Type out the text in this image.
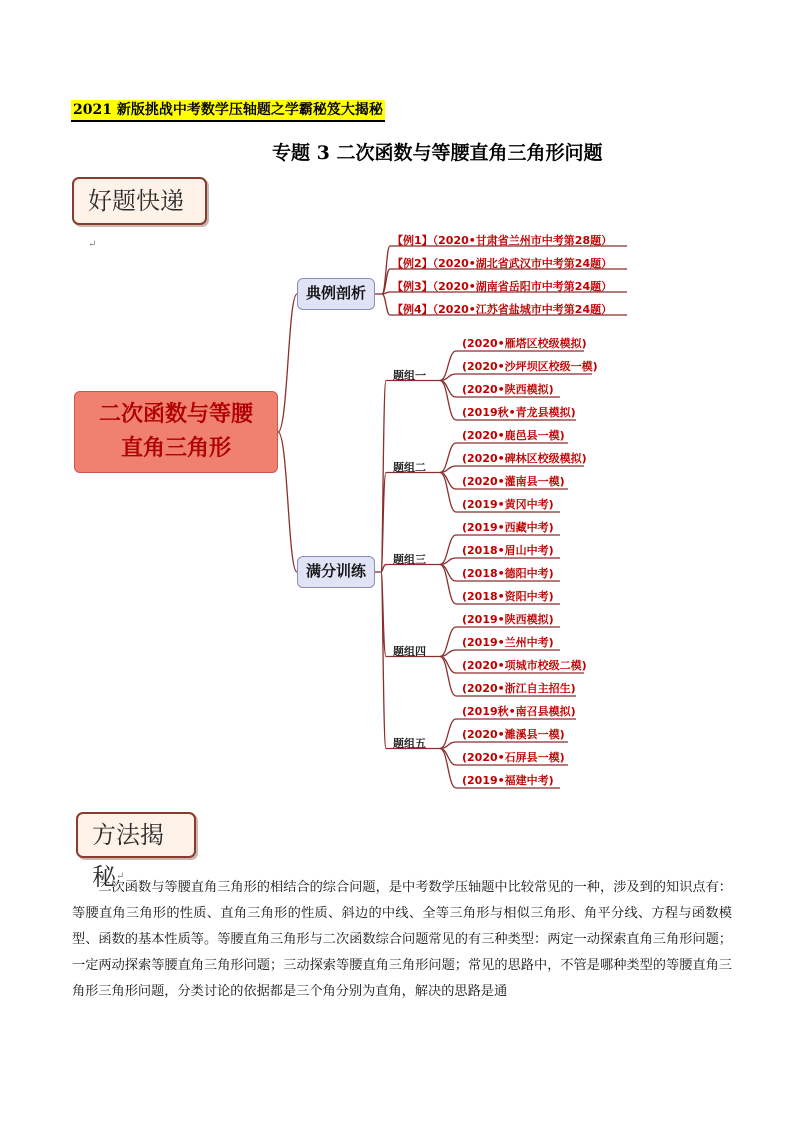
2021 新版挑战中考数学压轴题之学霸秘笈大揭秘
专题 3 二次函数与等腰直角三角形问题
好题快递↵
二次函数与等腰
直角三角形
典例剖析
满分训练
【例1】（2020•甘肃省兰州市中考第28题）
【例2】（2020•湖北省武汉市中考第24题）
【例3】（2020•湖南省岳阳市中考第24题）
【例4】（2020•江苏省盐城市中考第24题）
题组一
(2020•雁塔区校级模拟)
(2020•沙坪坝区校级一模)
(2020•陕西模拟)
(2019秋•青龙县模拟)
题组二
(2020•鹿邑县一模)
(2020•碑林区校级模拟)
(2020•灌南县一模)
(2019•黄冈中考)
题组三
(2019•西藏中考)
(2018•眉山中考)
(2018•德阳中考)
(2018•资阳中考)
题组四
(2019•陕西模拟)
(2019•兰州中考)
(2020•项城市校级二模)
(2020•浙江自主招生)
题组五
(2019秋•南召县模拟)
(2020•濉溪县一模)
(2020•石屏县一模)
(2019•福建中考)
方法揭秘↵
  二次函数与等腰直角三角形的相结合的综合问题，是中考数学压轴题中比较常见的一种，涉及到的知识点有：等腰直角三角形的性质、直角三角形的性质、斜边的中线、全等三角形与相似三角形、角平分线、方程与函数模型、函数的基本性质等。等腰直角三角形与二次函数综合问题常见的有三种类型：两定一动探索直角三角形问题；一定两动探索等腰直角三角形问题；三动探索等腰直角三角形问题；常见的思路中，不管是哪种类型的等腰直角三角形三角形问题，分类讨论的依据都是三个角分别为直角，解决的思路是通
